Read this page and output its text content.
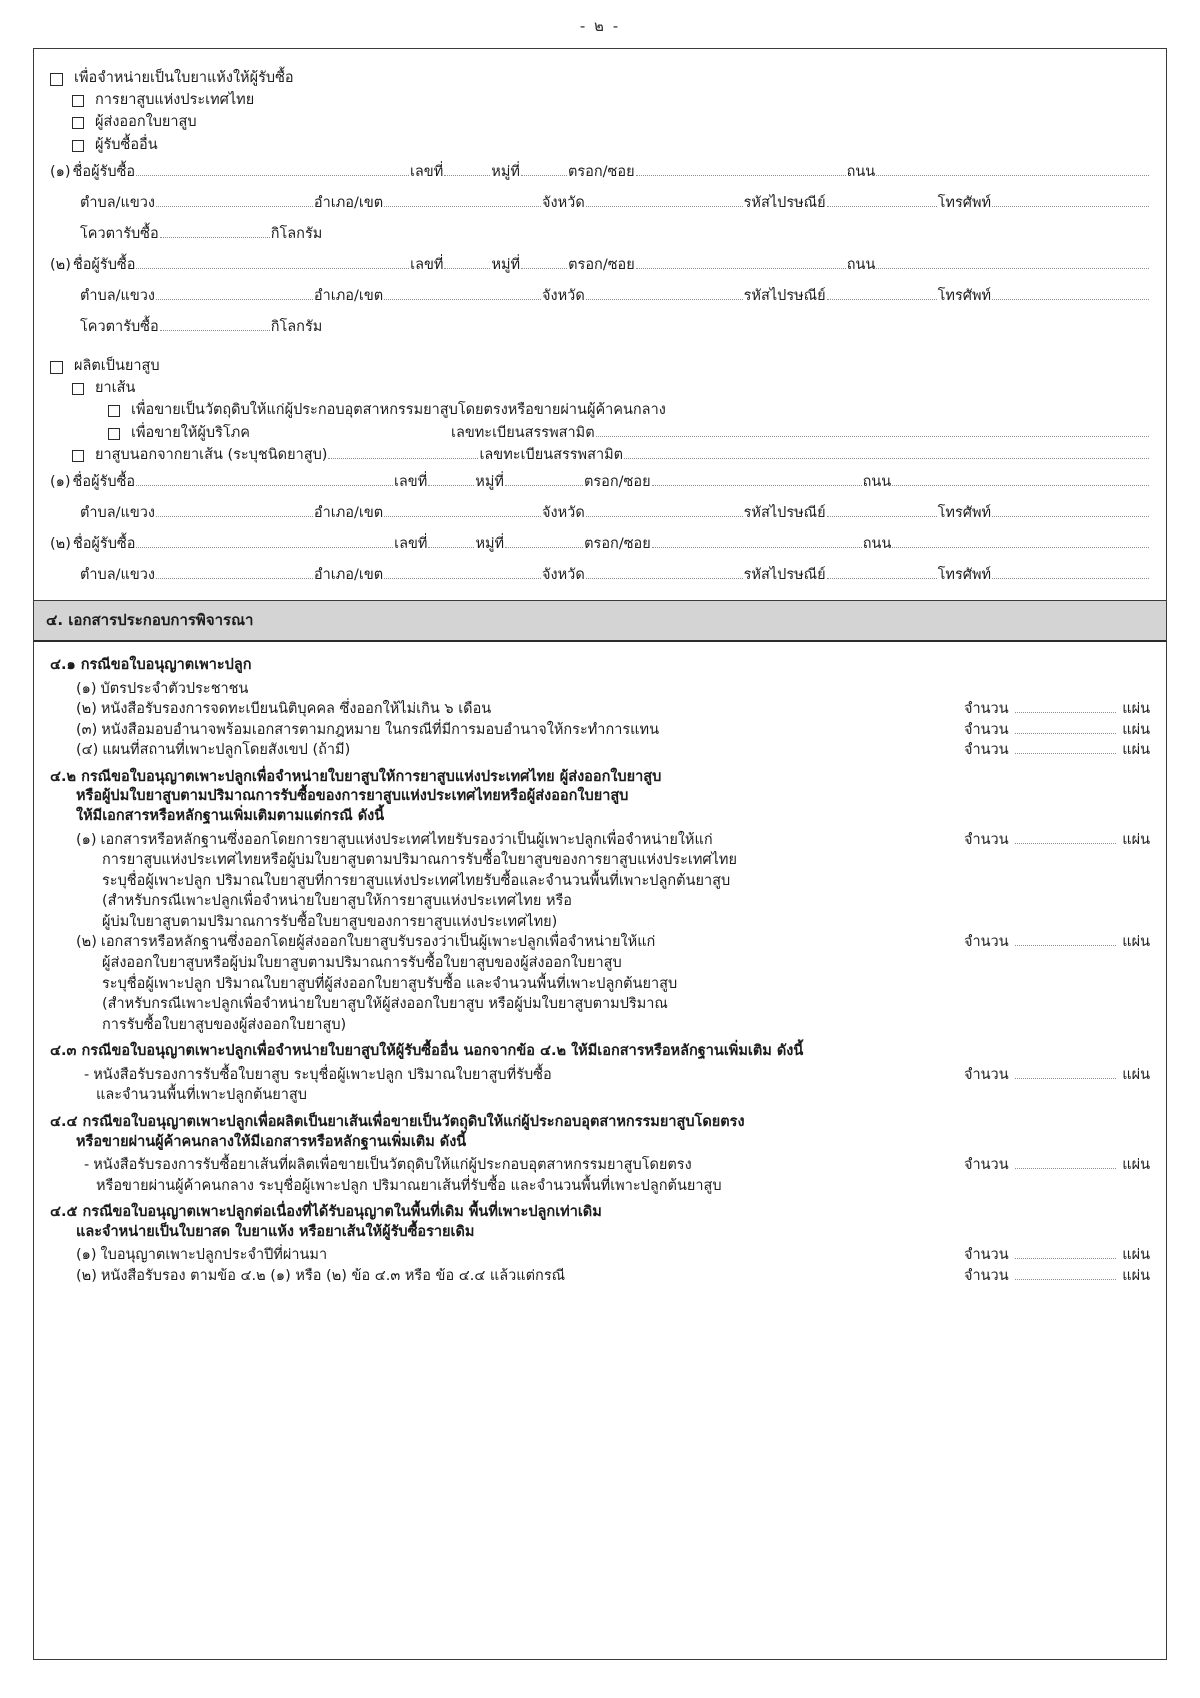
- ๒ -
เพื่อจำหน่ายเป็นใบยาแห้งให้ผู้รับซื้อ
การยาสูบแห่งประเทศไทย
ผู้ส่งออกใบยาสูบ
ผู้รับซื้ออื่น
(๑) ชื่อผู้รับซื้อ	เลขที่	หมู่ที่	ตรอก/ซอย	ถนน
ตำบล/แขวง	อำเภอ/เขต	จังหวัด	รหัสไปรษณีย์	โทรศัพท์
โควตารับซื้อ	กิโลกรัม
(๒) ชื่อผู้รับซื้อ	เลขที่	หมู่ที่	ตรอก/ซอย	ถนน
ตำบล/แขวง	อำเภอ/เขต	จังหวัด	รหัสไปรษณีย์	โทรศัพท์
โควตารับซื้อ	กิโลกรัม
ผลิตเป็นยาสูบ
ยาเส้น
เพื่อขายเป็นวัตถุดิบให้แก่ผู้ประกอบอุตสาหกรรมยาสูบโดยตรงหรือขายผ่านผู้ค้าคนกลาง
เพื่อขายให้ผู้บริโภค	เลขทะเบียนสรรพสามิต
ยาสูบนอกจากยาเส้น (ระบุชนิดยาสูบ)	เลขทะเบียนสรรพสามิต
(๑) ชื่อผู้รับซื้อ	เลขที่	หมู่ที่	ตรอก/ซอย	ถนน
ตำบล/แขวง	อำเภอ/เขต	จังหวัด	รหัสไปรษณีย์	โทรศัพท์
(๒) ชื่อผู้รับซื้อ	เลขที่	หมู่ที่	ตรอก/ซอย	ถนน
ตำบล/แขวง	อำเภอ/เขต	จังหวัด	รหัสไปรษณีย์	โทรศัพท์
๔. เอกสารประกอบการพิจารณา
๔.๑ กรณีขอใบอนุญาตเพาะปลูก
(๑) บัตรประจำตัวประชาชน
(๒) หนังสือรับรองการจดทะเบียนนิติบุคคล ซึ่งออกให้ไม่เกิน ๖ เดือน	จำนวน	แผ่น
(๓) หนังสือมอบอำนาจพร้อมเอกสารตามกฎหมาย ในกรณีที่มีการมอบอำนาจให้กระทำการแทน	จำนวน	แผ่น
(๔) แผนที่สถานที่เพาะปลูกโดยสังเขป (ถ้ามี)	จำนวน	แผ่น
๔.๒ กรณีขอใบอนุญาตเพาะปลูกเพื่อจำหน่ายใบยาสูบให้การยาสูบแห่งประเทศไทย ผู้ส่งออกใบยาสูบ
หรือผู้บ่มใบยาสูบตามปริมาณการรับซื้อของการยาสูบแห่งประเทศไทยหรือผู้ส่งออกใบยาสูบ
ให้มีเอกสารหรือหลักฐานเพิ่มเติมตามแต่กรณี ดังนี้
(๑) เอกสารหรือหลักฐานซึ่งออกโดยการยาสูบแห่งประเทศไทยรับรองว่าเป็นผู้เพาะปลูกเพื่อจำหน่ายให้แก่	จำนวน	แผ่น
การยาสูบแห่งประเทศไทยหรือผู้บ่มใบยาสูบตามปริมาณการรับซื้อใบยาสูบของการยาสูบแห่งประเทศไทย
ระบุชื่อผู้เพาะปลูก ปริมาณใบยาสูบที่การยาสูบแห่งประเทศไทยรับซื้อและจำนวนพื้นที่เพาะปลูกต้นยาสูบ
(สำหรับกรณีเพาะปลูกเพื่อจำหน่ายใบยาสูบให้การยาสูบแห่งประเทศไทย หรือ
ผู้บ่มใบยาสูบตามปริมาณการรับซื้อใบยาสูบของการยาสูบแห่งประเทศไทย)
(๒) เอกสารหรือหลักฐานซึ่งออกโดยผู้ส่งออกใบยาสูบรับรองว่าเป็นผู้เพาะปลูกเพื่อจำหน่ายให้แก่	จำนวน	แผ่น
ผู้ส่งออกใบยาสูบหรือผู้บ่มใบยาสูบตามปริมาณการรับซื้อใบยาสูบของผู้ส่งออกใบยาสูบ
ระบุชื่อผู้เพาะปลูก ปริมาณใบยาสูบที่ผู้ส่งออกใบยาสูบรับซื้อ และจำนวนพื้นที่เพาะปลูกต้นยาสูบ
(สำหรับกรณีเพาะปลูกเพื่อจำหน่ายใบยาสูบให้ผู้ส่งออกใบยาสูบ หรือผู้บ่มใบยาสูบตามปริมาณ
การรับซื้อใบยาสูบของผู้ส่งออกใบยาสูบ)
๔.๓ กรณีขอใบอนุญาตเพาะปลูกเพื่อจำหน่ายใบยาสูบให้ผู้รับซื้ออื่น นอกจากข้อ ๔.๒ ให้มีเอกสารหรือหลักฐานเพิ่มเติม ดังนี้
- หนังสือรับรองการรับซื้อใบยาสูบ ระบุชื่อผู้เพาะปลูก ปริมาณใบยาสูบที่รับซื้อ	จำนวน	แผ่น
และจำนวนพื้นที่เพาะปลูกต้นยาสูบ
๔.๔ กรณีขอใบอนุญาตเพาะปลูกเพื่อผลิตเป็นยาเส้นเพื่อขายเป็นวัตถุดิบให้แก่ผู้ประกอบอุตสาหกรรมยาสูบโดยตรง
หรือขายผ่านผู้ค้าคนกลางให้มีเอกสารหรือหลักฐานเพิ่มเติม ดังนี้
- หนังสือรับรองการรับซื้อยาเส้นที่ผลิตเพื่อขายเป็นวัตถุดิบให้แก่ผู้ประกอบอุตสาหกรรมยาสูบโดยตรง	จำนวน	แผ่น
หรือขายผ่านผู้ค้าคนกลาง ระบุชื่อผู้เพาะปลูก ปริมาณยาเส้นที่รับซื้อ และจำนวนพื้นที่เพาะปลูกต้นยาสูบ
๔.๕ กรณีขอใบอนุญาตเพาะปลูกต่อเนื่องที่ได้รับอนุญาตในพื้นที่เดิม พื้นที่เพาะปลูกเท่าเดิม
และจำหน่ายเป็นใบยาสด ใบยาแห้ง หรือยาเส้นให้ผู้รับซื้อรายเดิม
(๑) ใบอนุญาตเพาะปลูกประจำปีที่ผ่านมา	จำนวน	แผ่น
(๒) หนังสือรับรอง ตามข้อ ๔.๒ (๑) หรือ (๒) ข้อ ๔.๓ หรือ ข้อ ๔.๔ แล้วแต่กรณี	จำนวน	แผ่น
